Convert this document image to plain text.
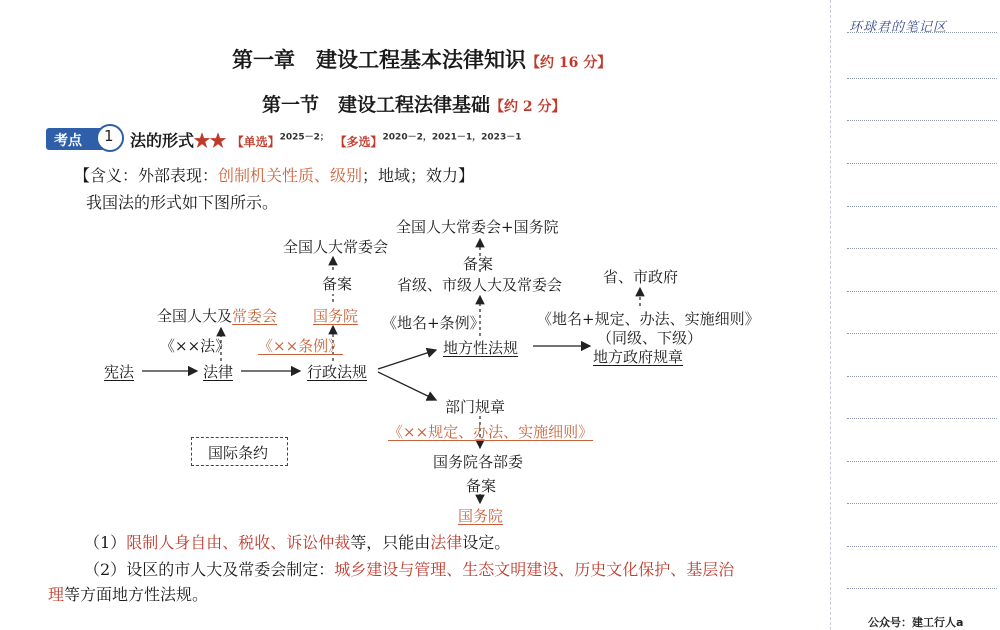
第一章　建设工程基本法律知识【约 16 分】
第一节　建设工程法律基础【约 2 分】
考点 1 法的形式★★ 【单选】$^{2025-2;}$ 【多选】$^{2020-2,2021-1,2023-1}$
【含义：外部表现：创制机关性质、级别；地域；效力】
我国法的形式如下图所示。
宪法	法律	行政法规
地方性法规	地方政府规章
部门规章
全国人大常委会
备案
全国人大及常委会 国务院
《××法》 《××条例》
全国人大常委会+国务院
备案
省级、市级人大及常委会
《地名+条例》
省、市政府
《地名+规定、办法、实施细则》
（同级、下级）
《××规定、办法、实施细则》
国务院各部委
备案
国务院
国际条约
（1）限制人身自由、税收、诉讼仲裁等，只能由法律设定。
（2）设区的市人大及常委会制定：城乡建设与管理、生态文明建设、历史文化保护、基层治
理等方面地方性法规。
环球君的笔记区
公众号：建工行人a
